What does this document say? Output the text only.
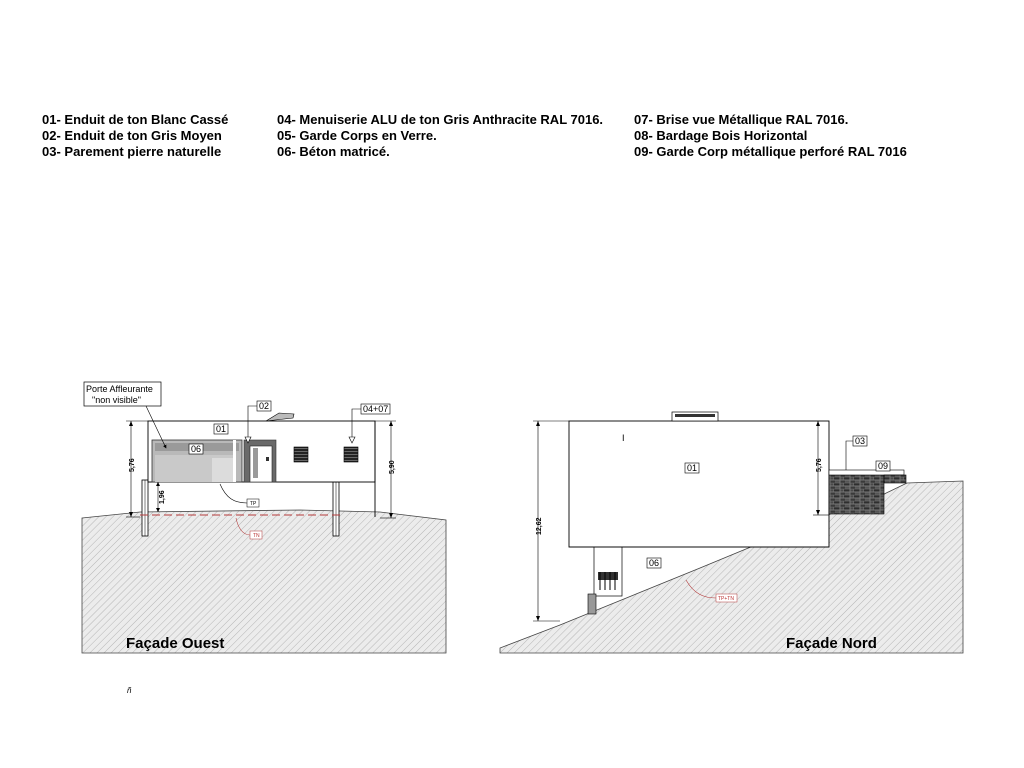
01- Enduit de ton Blanc Cassé
02- Enduit de ton Gris Moyen
03- Parement pierre naturelle
04- Menuiserie ALU de ton Gris Anthracite RAL 7016.
05- Garde Corps en Verre.
06- Béton matricé.
07- Brise vue Métallique RAL 7016.
08- Bardage Bois Horizontal
09- Garde Corp métallique perforé RAL 7016
5,76
1,96
5,90
TP
TN
Porte Affleurante
"non visible"
01
06
02	04+07
Façade Ouest
I
12,62
5,76
TP+TN
01
06
03
09
Façade Nord
ñ
